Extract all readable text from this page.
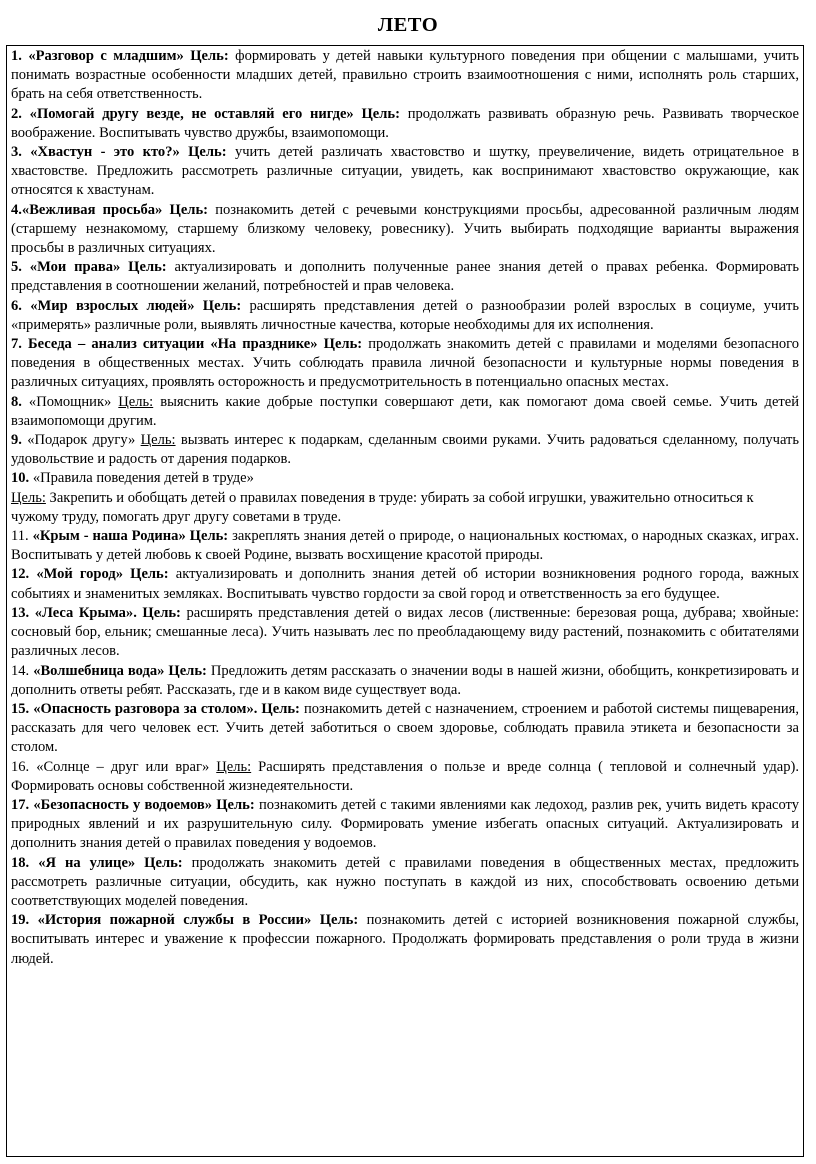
ЛЕТО

1. «Разговор с младшим» Цель: формировать у детей навыки культурного поведения при общении с малышами, учить понимать возрастные особенности младших детей, правильно строить взаимоотношения с ними, исполнять роль старших, брать на себя ответственность.

2. «Помогай другу везде, не оставляй его нигде» Цель: продолжать развивать образную речь. Развивать творческое воображение. Воспитывать чувство дружбы, взаимопомощи.

3. «Хвастун - это кто?» Цель: учить детей различать хвастовство и шутку, преувеличение, видеть отрицательное в хвастовстве. Предложить рассмотреть различные ситуации, увидеть, как воспринимают хвастовство окружающие, как относятся к хвастунам.

4.«Вежливая просьба» Цель: познакомить детей с речевыми конструкциями просьбы, адресованной различным людям (старшему незнакомому, старшему близкому человеку, ровеснику). Учить выбирать подходящие варианты выражения просьбы в различных ситуациях.

5. «Мои права» Цель: актуализировать и дополнить полученные ранее знания детей о правах ребенка. Формировать представления в соотношении желаний, потребностей и прав человека.

6. «Мир взрослых людей» Цель: расширять представления детей о разнообразии ролей взрослых в социуме, учить «примерять» различные роли, выявлять личностные качества, которые необходимы для их исполнения.

7. Беседа – анализ ситуации «На празднике» Цель: продолжать знакомить детей с правилами и моделями безопасного поведения в общественных местах. Учить соблюдать правила личной безопасности и культурные нормы поведения в различных ситуациях, проявлять осторожность и предусмотрительность в потенциально опасных местах.

8. «Помощник» Цель: выяснить какие добрые поступки совершают дети, как помогают дома своей семье. Учить детей взаимопомощи другим.

9. «Подарок другу» Цель: вызвать интерес к подаркам, сделанным своими руками. Учить радоваться сделанному, получать удовольствие и радость от дарения подарков.

10. «Правила поведения детей в труде»
Цель: Закрепить и обобщать детей о правилах поведения в труде: убирать за собой игрушки, уважительно относиться к чужому труду, помогать друг другу советами в труде.

11. «Крым - наша Родина» Цель: закреплять знания детей о природе, о национальных костюмах, о народных сказках, играх. Воспитывать у детей любовь к своей Родине, вызвать восхищение красотой природы.

12. «Мой город» Цель: актуализировать и дополнить знания детей об истории возникновения родного города, важных событиях и знаменитых земляках. Воспитывать чувство гордости за свой город и ответственность за его будущее.

13. «Леса Крыма». Цель: расширять представления детей о видах лесов (лиственные: березовая роща, дубрава; хвойные: сосновый бор, ельник; смешанные леса). Учить называть лес по преобладающему виду растений, познакомить с обитателями различных лесов.

14. «Волшебница вода» Цель: Предложить детям рассказать о значении воды в нашей жизни, обобщить, конкретизировать и дополнить ответы ребят. Рассказать, где и в каком виде существует вода.

15. «Опасность разговора за столом». Цель: познакомить детей с назначением, строением и работой системы пищеварения, рассказать для чего человек ест. Учить детей заботиться о своем здоровье, соблюдать правила этикета и безопасности за столом.

16. «Солнце – друг или враг» Цель: Расширять представления о пользе и вреде солнца ( тепловой и солнечный удар). Формировать основы собственной жизнедеятельности.

17. «Безопасность у водоемов» Цель: познакомить детей с такими явлениями как ледоход, разлив рек, учить видеть красоту природных явлений и их разрушительную силу. Формировать умение избегать опасных ситуаций. Актуализировать и дополнить знания детей о правилах поведения у водоемов.

18. «Я на улице» Цель: продолжать знакомить детей с правилами поведения в общественных местах, предложить рассмотреть различные ситуации, обсудить, как нужно поступать в каждой из них, способствовать освоению детьми соответствующих моделей поведения.

19. «История пожарной службы в России» Цель: познакомить детей с историей возникновения пожарной службы, воспитывать интерес и уважение к профессии пожарного. Продолжать формировать представления о роли труда в жизни людей.
